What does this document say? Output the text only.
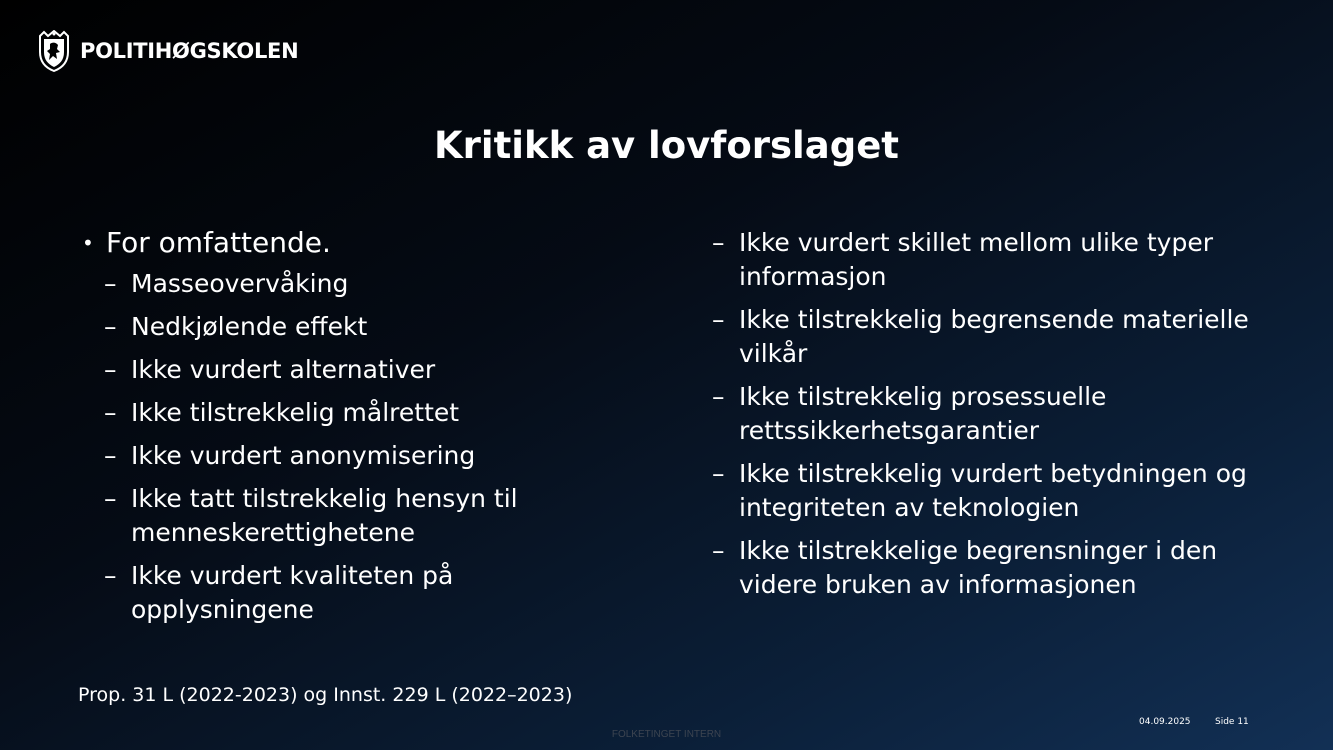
POLITIHØGSKOLEN
Kritikk av lovforslaget
• For omfattende.
– Masseovervåking
– Nedkjølende effekt
– Ikke vurdert alternativer
– Ikke tilstrekkelig målrettet
– Ikke vurdert anonymisering
– Ikke tatt tilstrekkelig hensyn til menneskerettighetene
– Ikke vurdert kvaliteten på opplysningene
– Ikke vurdert skillet mellom ulike typer informasjon
– Ikke tilstrekkelig begrensende materielle vilkår
– Ikke tilstrekkelig prosessuelle rettssikkerhetsgarantier
– Ikke tilstrekkelig vurdert betydningen og integriteten av teknologien
– Ikke tilstrekkelige begrensninger i den videre bruken av informasjonen
Prop. 31 L (2022-2023) og Innst. 229 L (2022–2023)
04.09.2025	Side 11
FOLKETINGET INTERN
